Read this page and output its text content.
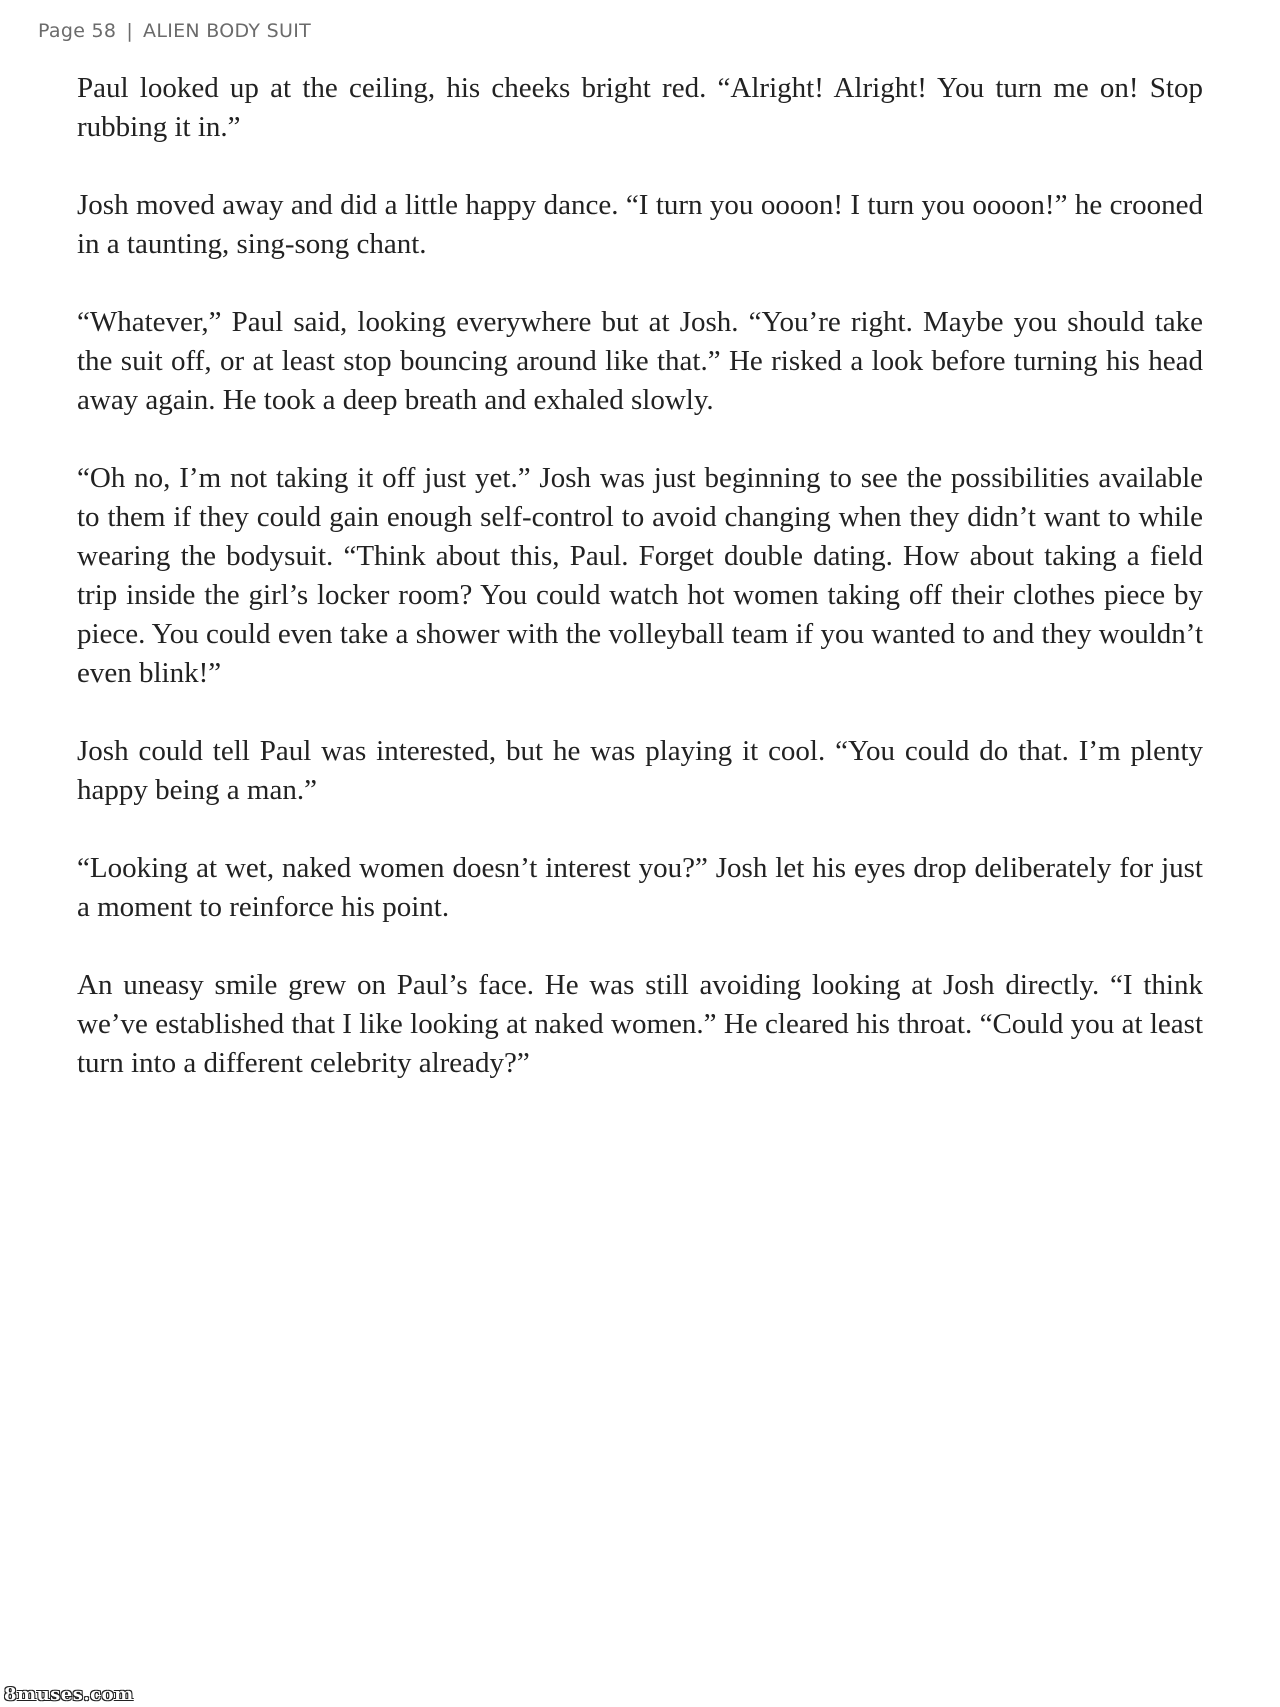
Page 58 | ALIEN BODY SUIT

Paul looked up at the ceiling, his cheeks bright red. “Alright! Alright! You turn me on! Stop rubbing it in.”

Josh moved away and did a little happy dance. “I turn you oooon! I turn you oooon!” he crooned in a taunting, sing-song chant.

“Whatever,” Paul said, looking everywhere but at Josh. “You’re right. Maybe you should take the suit off, or at least stop bouncing around like that.” He risked a look before turning his head away again. He took a deep breath and exhaled slowly.

“Oh no, I’m not taking it off just yet.” Josh was just beginning to see the possibilities available to them if they could gain enough self-control to avoid changing when they didn’t want to while wearing the bodysuit. “Think about this, Paul. Forget double dating. How about taking a field trip inside the girl’s locker room? You could watch hot women taking off their clothes piece by piece. You could even take a shower with the volleyball team if you wanted to and they wouldn’t even blink!”

Josh could tell Paul was interested, but he was playing it cool. “You could do that. I’m plenty happy being a man.”

“Looking at wet, naked women doesn’t interest you?” Josh let his eyes drop deliberately for just a moment to reinforce his point.

An uneasy smile grew on Paul’s face. He was still avoiding looking at Josh directly. “I think we’ve established that I like looking at naked women.” He cleared his throat. “Could you at least turn into a different celebrity already?”

8muses.com
